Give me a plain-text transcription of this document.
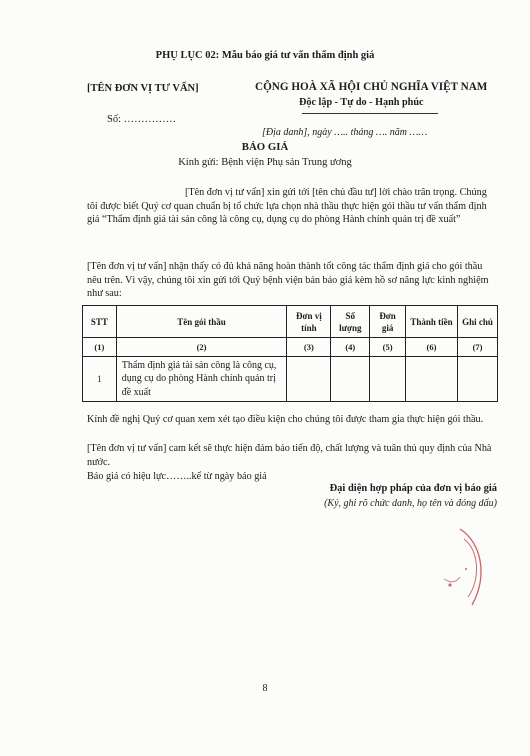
PHỤ LỤC 02: Mẫu báo giá tư vấn thẩm định giá
[TÊN ĐƠN VỊ TƯ VẤN]	CỘNG HOÀ XÃ HỘI CHỦ NGHĨA VIỆT NAM
Độc lập - Tự do - Hạnh phúc
Số: ……………
[Địa danh], ngày ….. tháng …. năm ……
BÁO GIÁ
Kính gửi: Bệnh viện Phụ sản Trung ương
[Tên đơn vị tư vấn] xin gửi tới [tên chủ đầu tư] lời chào trân trọng. Chúng tôi được biết Quý cơ quan chuẩn bị tổ chức lựa chọn nhà thầu thực hiện gói thầu tư vấn thẩm định giá “Thẩm định giá tài sản công là công cụ, dụng cụ do phòng Hành chính quản trị đề xuất”
[Tên đơn vị tư vấn] nhận thấy có đủ khả năng hoàn thành tốt công tác thẩm định giá cho gói thầu nêu trên. Vì vậy, chúng tôi xin gửi tới Quý bệnh viện bản báo giá kèm hồ sơ năng lực kinh nghiệm như sau:
STT	Tên gói thầu	Đơn vị tính	Số lượng	Đơn giá	Thành tiền	Ghi chú
(1)	(2)	(3)	(4)	(5)	(6)	(7)
1	Thẩm định giá tài sản công là công cụ, dụng cụ do phòng Hành chính quản trị đề xuất					
Kính đề nghị Quý cơ quan xem xét tạo điều kiện cho chúng tôi được tham gia thực hiện gói thầu.
[Tên đơn vị tư vấn] cam kết sẽ thực hiện đảm bảo tiến độ, chất lượng và tuân thủ quy định của Nhà nước.
Báo giá có hiệu lực……..kể từ ngày báo giá
Đại diện hợp pháp của đơn vị báo giá
(Ký, ghi rõ chức danh, họ tên và đóng dấu)
8
